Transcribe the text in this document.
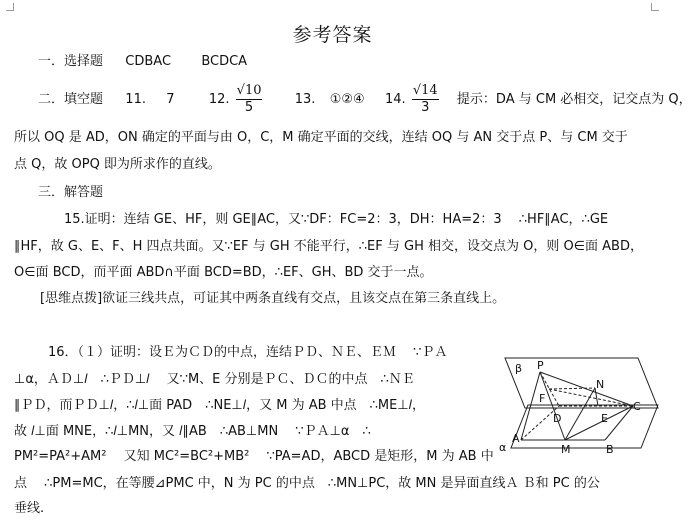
参考答案
一．选择题 CDBAC BCDCA
二．填空题 11. 7	12. $\frac{√10}{5} 13$. ①②④ 14. $\frac{√14}{3}$ 提示：DA 与 CM 必相交，记交点为 Q，
所以 OQ 是 AD，ON 确定的平面与由 O，C，M 确定平面的交线，连结 OQ 与 AN 交于点 P、与 CM 交于
点 Q，故 OPQ 即为所求作的直线。
三．解答题
15.证明：连结 GE、HF，则 GE∥AC，又∵DF：FC=2：3，DH：HA=2：3 　∴HF∥AC，∴GE
∥HF，故 G、E、F、H 四点共面。又∵EF 与 GH 不能平行，∴EF 与 GH 相交，设交点为 O，则 O∈面 ABD，
O∈面 BCD，而平面 ABD∩平面 BCD=BD，∴EF、GH、BD 交于一点。
[思维点拨]欲证三线共点，可证其中两条直线有交点，且该交点在第三条直线上。
16．（１）证明：设Ｅ为ＣＤ的中点，连结ＰＤ、ＮＥ、ＥＭ　 ∵ＰＡ
⊥α，ＡＤ⊥𝑙　∴ＰＤ⊥𝑙　 又∵M、E 分别是ＰＣ、ＤＣ的中点　∴ＮＥ
∥ＰＤ，而ＰＤ⊥𝑙，∴𝑙⊥面 PAD　∴NE⊥𝑙，又 M 为 AB 中点　∴ME⊥𝑙，
故 𝑙⊥面 MNE，∴𝑙⊥MN，又 𝑙∥AB　∴AB⊥MN　 ∵ＰＡ⊥α　∴
PM²=PA²+AM²　 又知 MC²=BC²+MB²　 ∵PA=AD，ABCD 是矩形，M 为 AB 中
点　 ∴PM=MC，在等腰⊿PMC 中，N 为 PC 的中点　∴MN⊥PC，故 MN 是异面直线Ａ Ｂ和 PC 的公
垂线.
β
α
P
N
F
C
D	E
A
M	B
